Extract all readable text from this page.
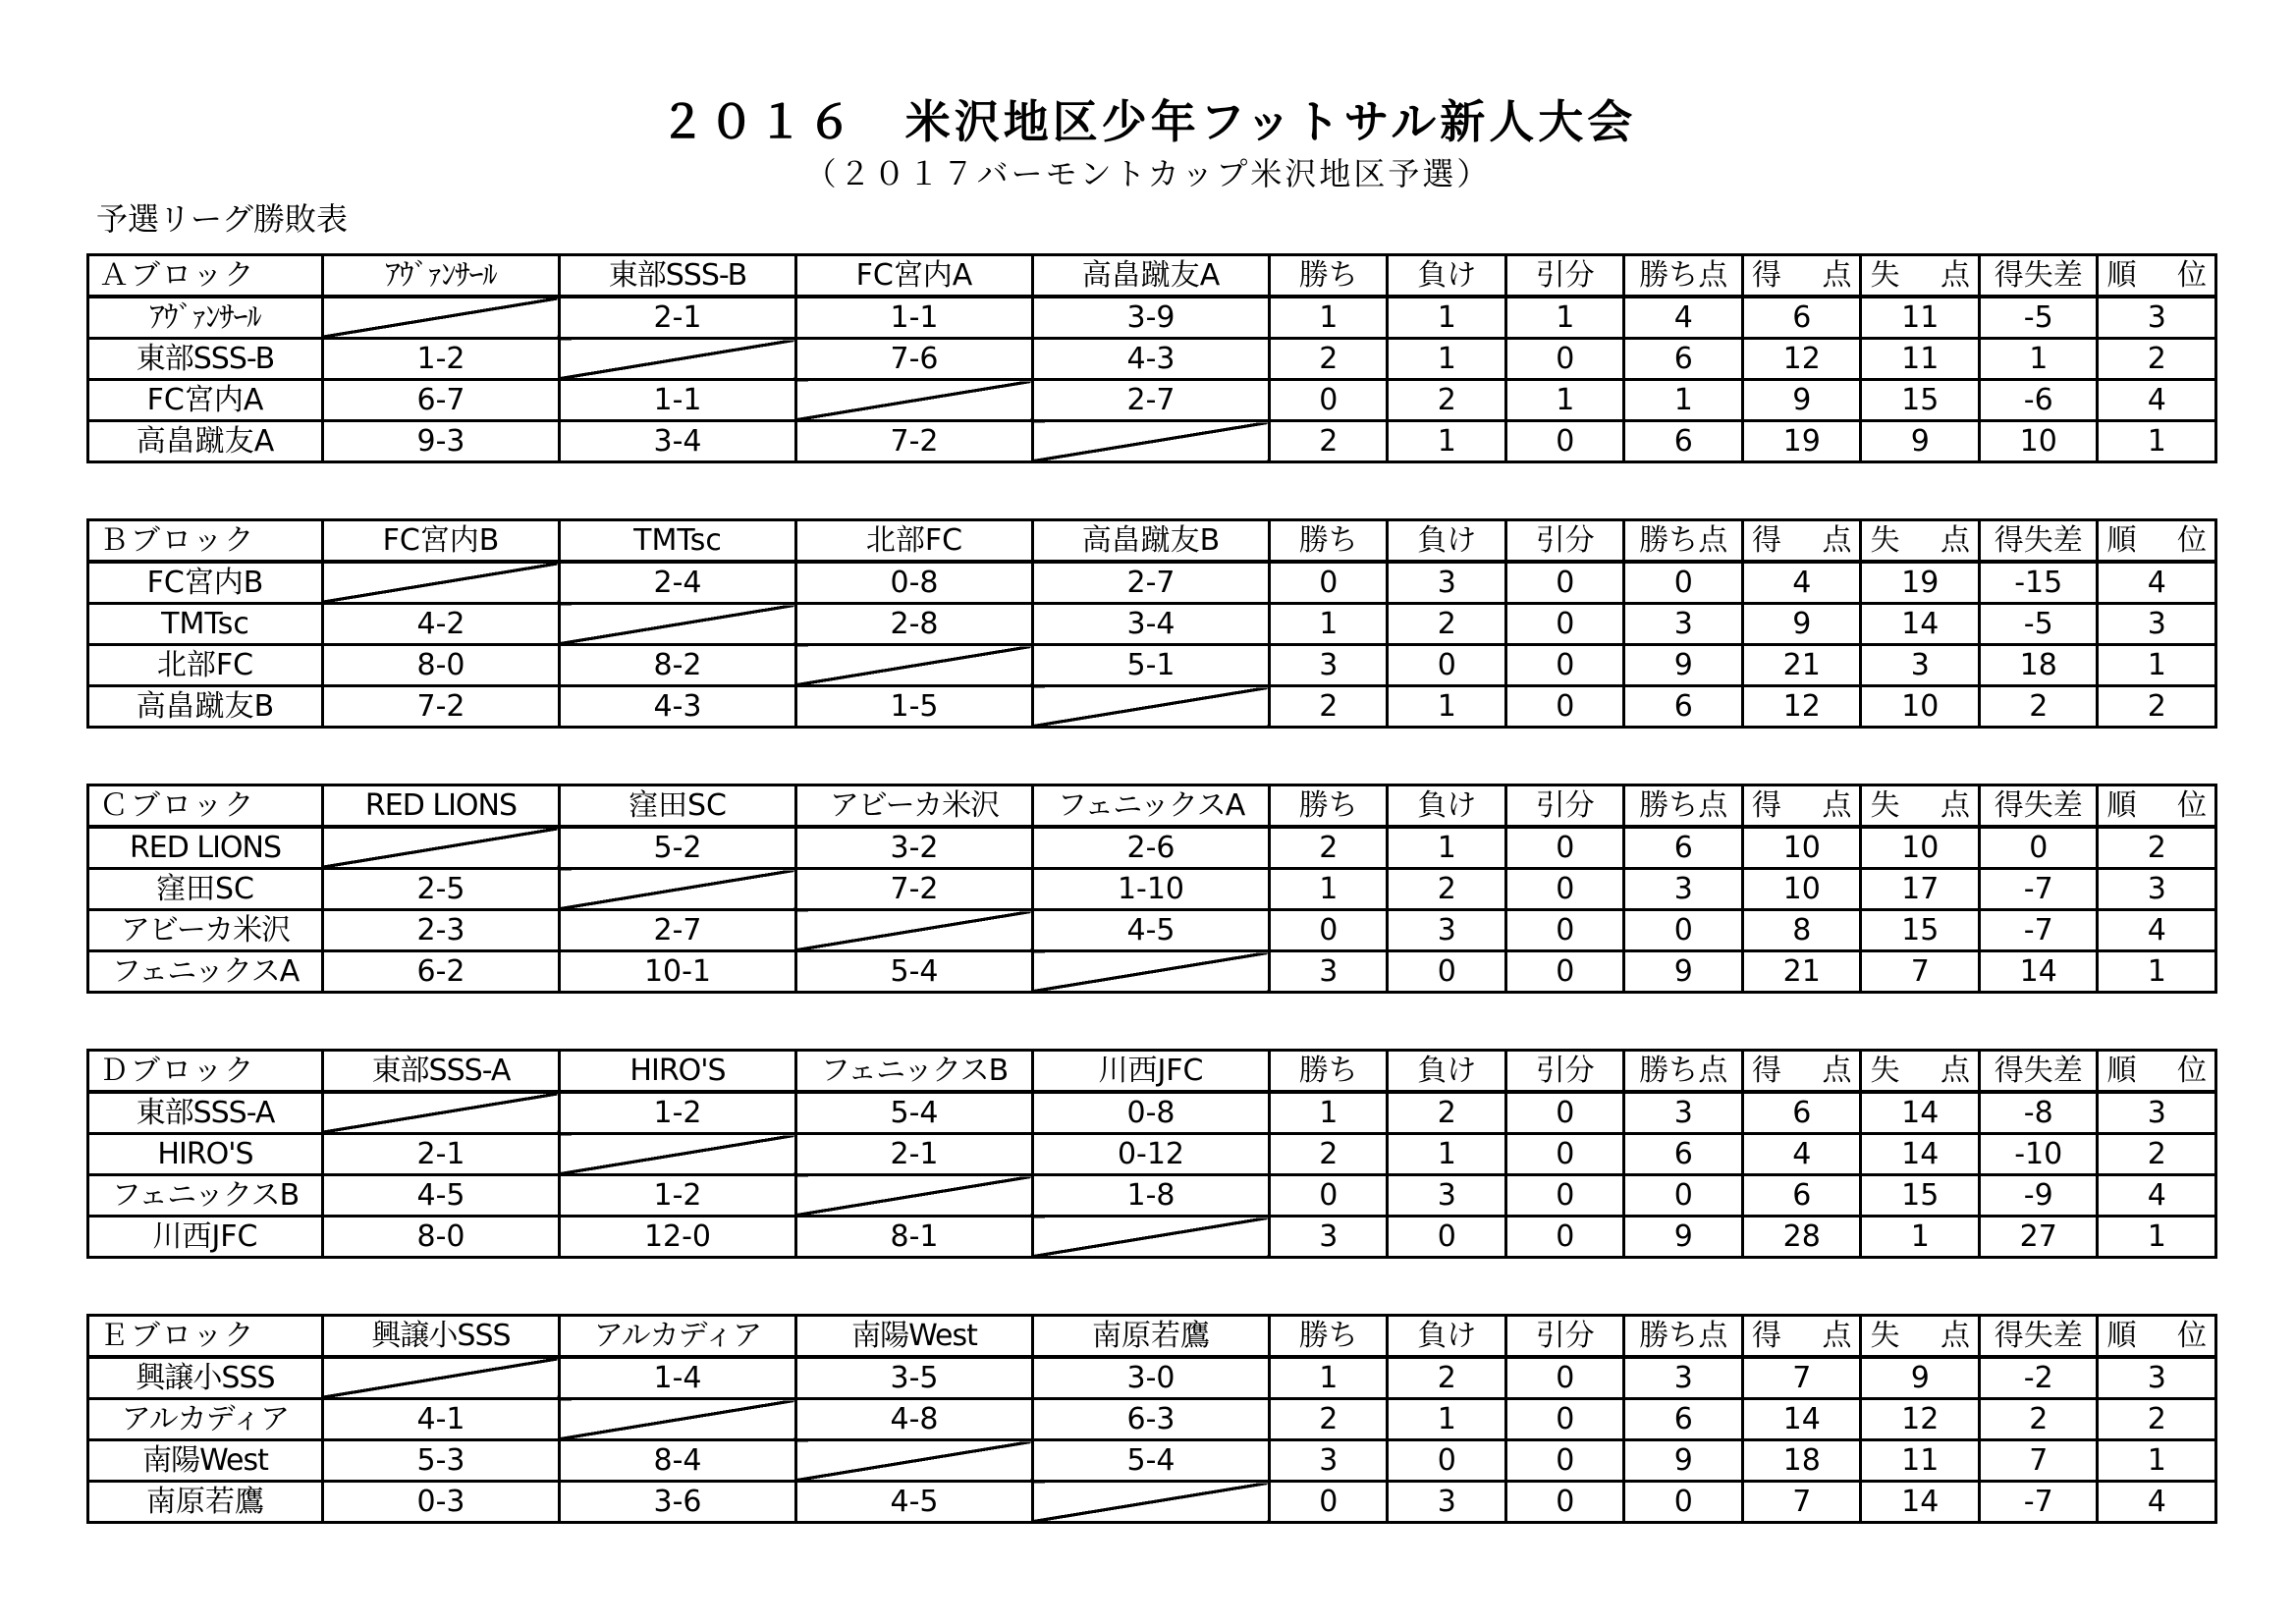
２０１６　米沢地区少年フットサル新人大会
（２０１７バーモントカップ米沢地区予選）
予選リーグ勝敗表
Ａブロック	ｱｳﾞｧﾝｻｰﾙ	東部SSS-B	FC宮内A	高畠蹴友A	勝ち	負け	引分	勝ち点	得 点	失 点	得失差	順 位

ｱｳﾞｧﾝｻｰﾙ		2-1	1-1	3-9	1	1	1	4	6	11	-5	3
東部SSS-B	1-2		7-6	4-3	2	1	0	6	12	11	1	2
FC宮内A	6-7	1-1		2-7	0	2	1	1	9	15	-6	4
高畠蹴友A	9-3	3-4	7-2		2	1	0	6	19	9	10	1
Ｂブロック	FC宮内B	TMTsc	北部FC	高畠蹴友B	勝ち	負け	引分	勝ち点	得 点	失 点	得失差	順 位

FC宮内B		2-4	0-8	2-7	0	3	0	0	4	19	-15	4
TMTsc	4-2		2-8	3-4	1	2	0	3	9	14	-5	3
北部FC	8-0	8-2		5-1	3	0	0	9	21	3	18	1
高畠蹴友B	7-2	4-3	1-5		2	1	0	6	12	10	2	2
Ｃブロック	RED LIONS	窪田SC	アビーカ米沢	フェニックスA	勝ち	負け	引分	勝ち点	得 点	失 点	得失差	順 位

RED LIONS		5-2	3-2	2-6	2	1	0	6	10	10	0	2
窪田SC	2-5		7-2	1-10	1	2	0	3	10	17	-7	3
アビーカ米沢	2-3	2-7		4-5	0	3	0	0	8	15	-7	4
フェニックスA	6-2	10-1	5-4		3	0	0	9	21	7	14	1
Ｄブロック	東部SSS-A	HIRO'S	フェニックスB	川西JFC	勝ち	負け	引分	勝ち点	得 点	失 点	得失差	順 位

東部SSS-A		1-2	5-4	0-8	1	2	0	3	6	14	-8	3
HIRO'S	2-1		2-1	0-12	2	1	0	6	4	14	-10	2
フェニックスB	4-5	1-2		1-8	0	3	0	0	6	15	-9	4
川西JFC	8-0	12-0	8-1		3	0	0	9	28	1	27	1
Ｅブロック	興譲小SSS	アルカディア	南陽West	南原若鷹	勝ち	負け	引分	勝ち点	得 点	失 点	得失差	順 位

興譲小SSS		1-4	3-5	3-0	1	2	0	3	7	9	-2	3
アルカディア	4-1		4-8	6-3	2	1	0	6	14	12	2	2
南陽West	5-3	8-4		5-4	3	0	0	9	18	11	7	1
南原若鷹	0-3	3-6	4-5		0	3	0	0	7	14	-7	4
